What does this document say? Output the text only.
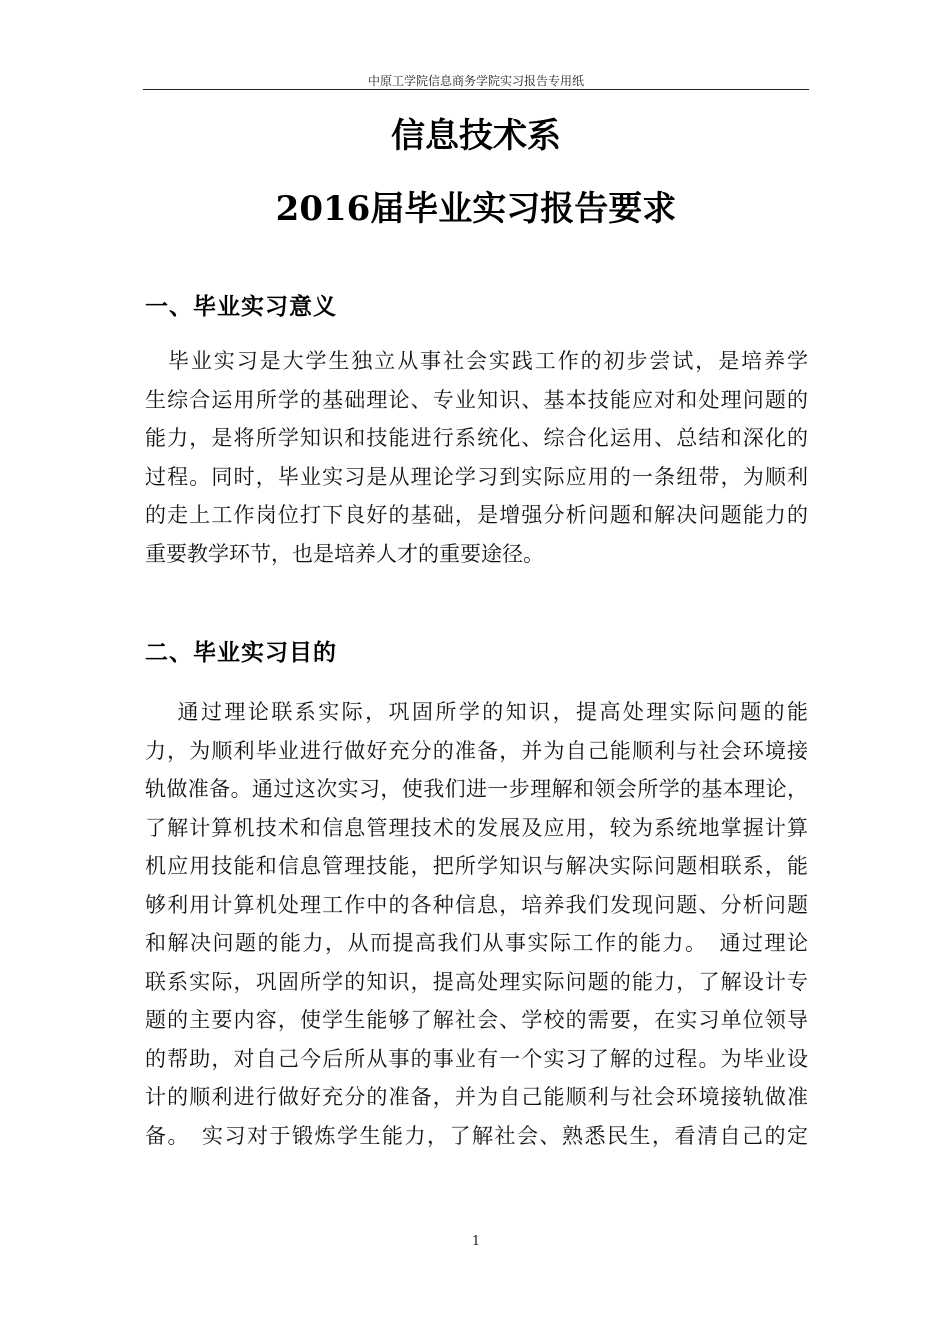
中原工学院信息商务学院实习报告专用纸
信息技术系
2016届毕业实习报告要求
一、毕业实习意义
　毕业实习是大学生独立从事社会实践工作的初步尝试，是培养学
生综合运用所学的基础理论、专业知识、基本技能应对和处理问题的
能力，是将所学知识和技能进行系统化、综合化运用、总结和深化的
过程。同时，毕业实习是从理论学习到实际应用的一条纽带，为顺利
的走上工作岗位打下良好的基础，是增强分析问题和解决问题能力的
重要教学环节，也是培养人才的重要途径。
二、毕业实习目的
　 通过理论联系实际，巩固所学的知识，提高处理实际问题的能
力，为顺利毕业进行做好充分的准备，并为自己能顺利与社会环境接
轨做准备。通过这次实习，使我们进一步理解和领会所学的基本理论，
了解计算机技术和信息管理技术的发展及应用，较为系统地掌握计算
机应用技能和信息管理技能，把所学知识与解决实际问题相联系，能
够利用计算机处理工作中的各种信息，培养我们发现问题、分析问题
和解决问题的能力，从而提高我们从事实际工作的能力。　通过理论
联系实际，巩固所学的知识，提高处理实际问题的能力，了解设计专
题的主要内容，使学生能够了解社会、学校的需要，在实习单位领导
的帮助，对自己今后所从事的事业有一个实习了解的过程。为毕业设
计的顺利进行做好充分的准备，并为自己能顺利与社会环境接轨做准
备。　实习对于锻炼学生能力，了解社会、熟悉民生，看清自己的定
1
